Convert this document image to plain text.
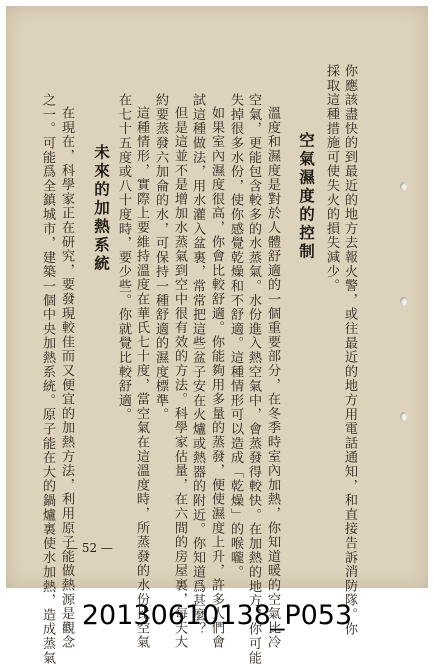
你應該盡快的到最近的地方去報火警，或往最近的地方用電話通知，和直接告訴消防隊。你
採取這種措施可使失火的損失減少。
空氣濕度的控制
溫度和濕度是對於人體舒適的一個重要部分，在冬季時室內加熱，你知道暖的空氣比冷
空氣，更能包含較多的水蒸氣。水份進入熱空氣中，會蒸發得較快。在加熱的地方，你可能
失掉很多水份，使你感覺乾燥和不舒適。這種情形可以造成「乾燥」的喉嚨。
如果室內濕度很高，你會比較舒適。你能夠用多量的蒸發，便使濕度上升，許多人們會
試這種做法，用水灌入盆裏，常常把這些盆子安在火爐或熱器的附近。你知道爲甚麼？
但是這並不是增加水蒸氣到空中很有效的方法。科學家估量，在六間的房屋裏，每天大
約要蒸發六加侖的水，可保持一種舒適的濕度標準。
這種情形，實際上要維持溫度在華氏七十度，當空氣在這溫度時，所蒸發的水份比空氣
在七十五度或八十度時，要少些。你就覺比較舒適。
未來的加熱系統
在現在，科學家正在研究，要發現較佳而又便宜的加熱方法，利用原子能做熱源是觀念
之一。可能爲全鎮城市，建築一個中央加熱系統。原子能在大的鍋爐裏使水加熱，造成蒸氣 — 52 —
20130610138_P053
